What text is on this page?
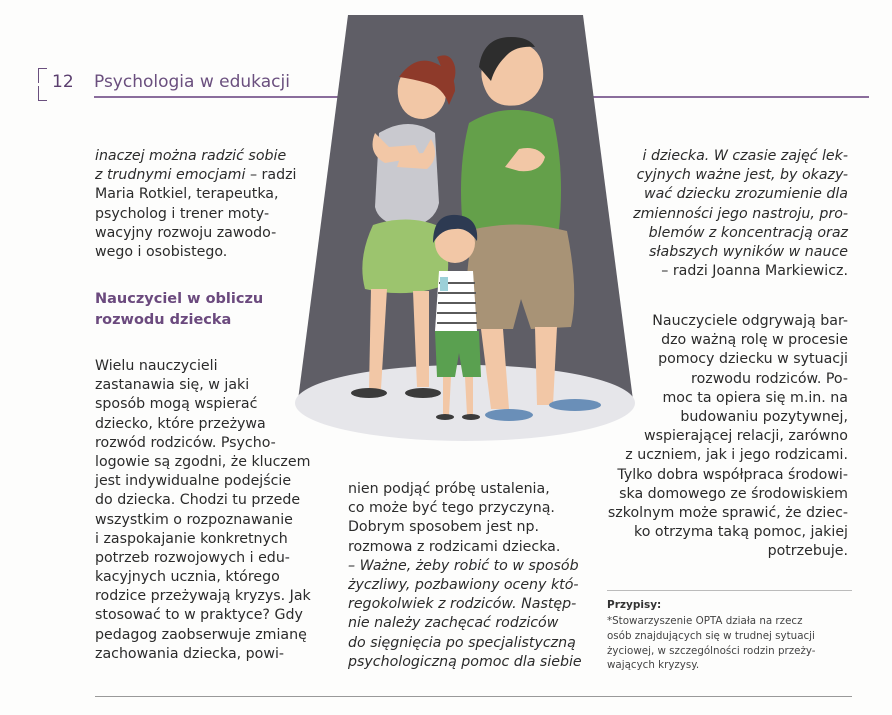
12 Psychologia w edukacji
inaczej można radzić sobie
z trudnymi emocjami – radzi
Maria Rotkiel, terapeutka,
psycholog i trener moty-
wacyjny rozwoju zawodo-
wego i osobistego.
Nauczyciel w obliczu
rozwodu dziecka
Wielu nauczycieli
zastanawia się, w jaki
sposób mogą wspierać
dziecko, które przeżywa
rozwód rodziców. Psycho-
logowie są zgodni, że kluczem
jest indywidualne podejście
do dziecka. Chodzi tu przede
wszystkim o rozpoznawanie
i zaspokajanie konkretnych
potrzeb rozwojowych i edu-
kacyjnych ucznia, którego
rodzice przeżywają kryzys. Jak
stosować to w praktyce? Gdy
pedagog zaobserwuje zmianę
zachowania dziecka, powi-
nien podjąć próbę ustalenia,
co może być tego przyczyną.
Dobrym sposobem jest np.
rozmowa z rodzicami dziecka.
– Ważne, żeby robić to w sposób
życzliwy, pozbawiony oceny któ-
regokolwiek z rodziców. Następ-
nie należy zachęcać rodziców
do sięgnięcia po specjalistyczną
psychologiczną pomoc dla siebie
i dziecka. W czasie zajęć lek-
cyjnych ważne jest, by okazy-
wać dziecku zrozumienie dla
zmienności jego nastroju, pro-
blemów z koncentracją oraz
słabszych wyników w nauce
– radzi Joanna Markiewicz.
Nauczyciele odgrywają bar-
dzo ważną rolę w procesie
pomocy dziecku w sytuacji
rozwodu rodziców. Po-
moc ta opiera się m.in. na
budowaniu pozytywnej,
wspierającej relacji, zarówno
z uczniem, jak i jego rodzicami.
Tylko dobra współpraca środowi-
ska domowego ze środowiskiem
szkolnym może sprawić, że dziec-
ko otrzyma taką pomoc, jakiej
potrzebuje.
Przypisy:
*Stowarzyszenie OPTA działa na rzecz
osób znajdujących się w trudnej sytuacji
życiowej, w szczególności rodzin przeży-
wających kryzysy.
